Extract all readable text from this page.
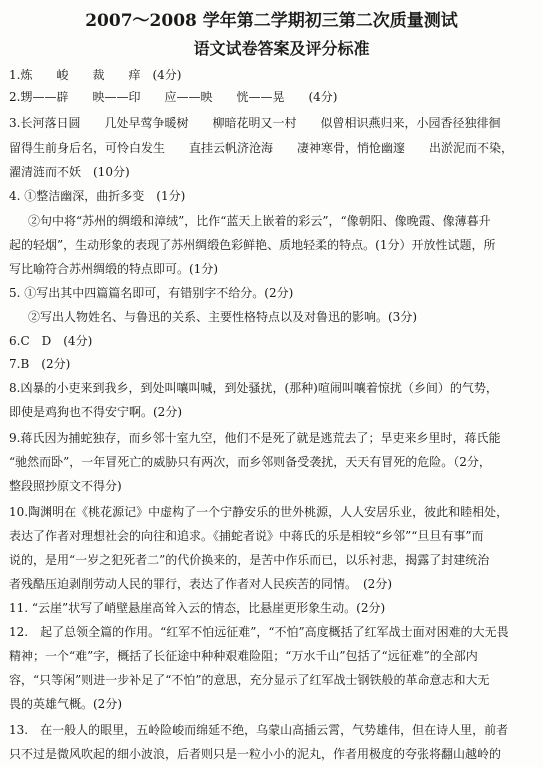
2007～2008 学年第二学期初三第二次质量测试
语文试卷答案及评分标准
1.炼　　峻　　裁　　痒　(4分)
2.甥——辟　　映——印　　应——映　　恍——晃　　(4分)
3.长河落日圆　　几处早莺争暖树　　柳暗花明又一村　　似曾相识燕归来，小园香径独徘徊
留得生前身后名，可怜白发生　　直挂云帆济沧海　　凄神寒骨，悄怆幽邃　　出淤泥而不染，
濯清涟而不妖　(10分)
4. ①整洁幽深，曲折多变　(1分)
②句中将“苏州的绸缎和漳绒”，比作“蓝天上嵌着的彩云”，“像朝阳、像晚霞、像薄暮升
起的轻烟”，生动形象的表现了苏州绸缎色彩鲜艳、质地轻柔的特点。(1分）开放性试题，所
写比喻符合苏州绸缎的特点即可。(1分)
5. ①写出其中四篇篇名即可，有错别字不给分。(2分)
②写出人物姓名、与鲁迅的关系、主要性格特点以及对鲁迅的影响。(3分)
6.C　D　(4分)
7.B　(2分)
8.凶暴的小吏来到我乡，到处叫嚷叫喊，到处骚扰，(那种)喧闹叫嚷着惊扰（乡间）的气势，
即使是鸡狗也不得安宁啊。(2分)
9.蒋氏因为捕蛇独存，而乡邻十室九空，他们不是死了就是逃荒去了；旱吏来乡里时，蒋氏能
“驰然而卧”，一年冒死亡的威胁只有两次，而乡邻则备受袭扰，天天有冒死的危险。（2分，
整段照抄原文不得分)
10.陶渊明在《桃花源记》中虚构了一个宁静安乐的世外桃源，人人安居乐业，彼此和睦相处，
表达了作者对理想社会的向往和追求。《捕蛇者说》中蒋氏的乐是相较“乡邻”“旦旦有事”而
说的，是用“一岁之犯死者二”的代价换来的，是苦中作乐而已，以乐衬悲，揭露了封建统治
者残酷压迫剥削劳动人民的罪行，表达了作者对人民疾苦的同情。　(2分)
11. “云崖”状写了峭壁悬崖高耸入云的情态，比悬崖更形象生动。(2分)
12.　起了总领全篇的作用。“红军不怕远征难”，“不怕”高度概括了红军战士面对困难的大无畏
精神；一个“难”字，概括了长征途中种种艰难险阻；“万水千山”包括了“远征难”的全部内
容，“只等闲”则进一步补足了“不怕”的意思，充分显示了红军战士钢铁般的革命意志和大无
畏的英雄气概。(2分)
13.　在一般人的眼里，五岭险峻而绵延不绝，乌蒙山高插云霄，气势雄伟，但在诗人里，前者
只不过是微风吹起的细小波浪，后者则只是一粒小小的泥丸，作者用极度的夸张将翻山越岭的
